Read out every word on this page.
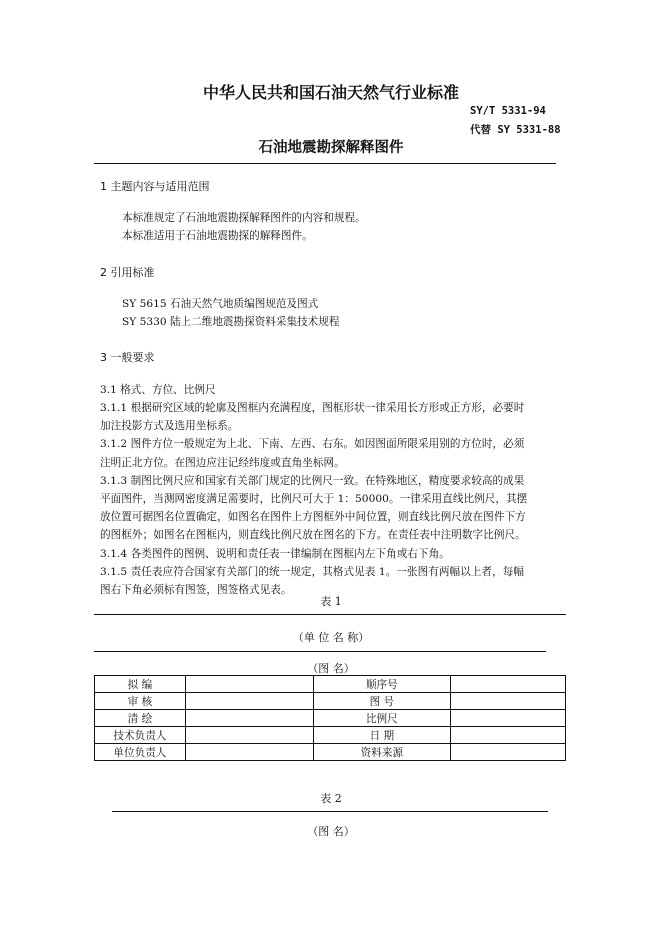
中华人民共和国石油天然气行业标准
SY/T 5331-94
代替 SY 5331-88
石油地震勘探解释图件
1 主题内容与适用范围
本标准规定了石油地震勘探解释图件的内容和规程。
本标准适用于石油地震勘探的解释图件。
2 引用标准
SY 5615 石油天然气地质编图规范及图式
SY 5330 陆上二维地震勘探资料采集技术规程
3 一般要求
3.1 格式、方位、比例尺
3.1.1 根据研究区域的轮廓及图框内充满程度，图框形状一律采用长方形或正方形，必要时
加注投影方式及选用坐标系。
3.1.2 图件方位一般规定为上北、下南、左西、右东。如因图面所限采用别的方位时，必须
注明正北方位。在图边应注记经纬度或直角坐标网。
3.1.3 制图比例尺应和国家有关部门规定的比例尺一致。在特殊地区，精度要求较高的成果
平面图件，当测网密度满足需要时，比例尺可大于 1：50000。一律采用直线比例尺，其摆
放位置可据图名位置确定，如图名在图件上方图框外中间位置，则直线比例尺放在图件下方
的图框外；如图名在图框内，则直线比例尺放在图名的下方。在责任表中注明数字比例尺。
3.1.4 各类图件的图例、说明和责任表一律编制在图框内左下角或右下角。
3.1.5 责任表应符合国家有关部门的统一规定，其格式见表 1。一张图有两幅以上者，每幅
图右下角必须标有图签，图签格式见表。
表 1
（单 位 名 称）
（图 名）
拟 编		顺序号	
审 核		图 号	
清 绘		比例尺	
技术负责人		日 期	
单位负责人		资料来源	
表 2
（图 名）
